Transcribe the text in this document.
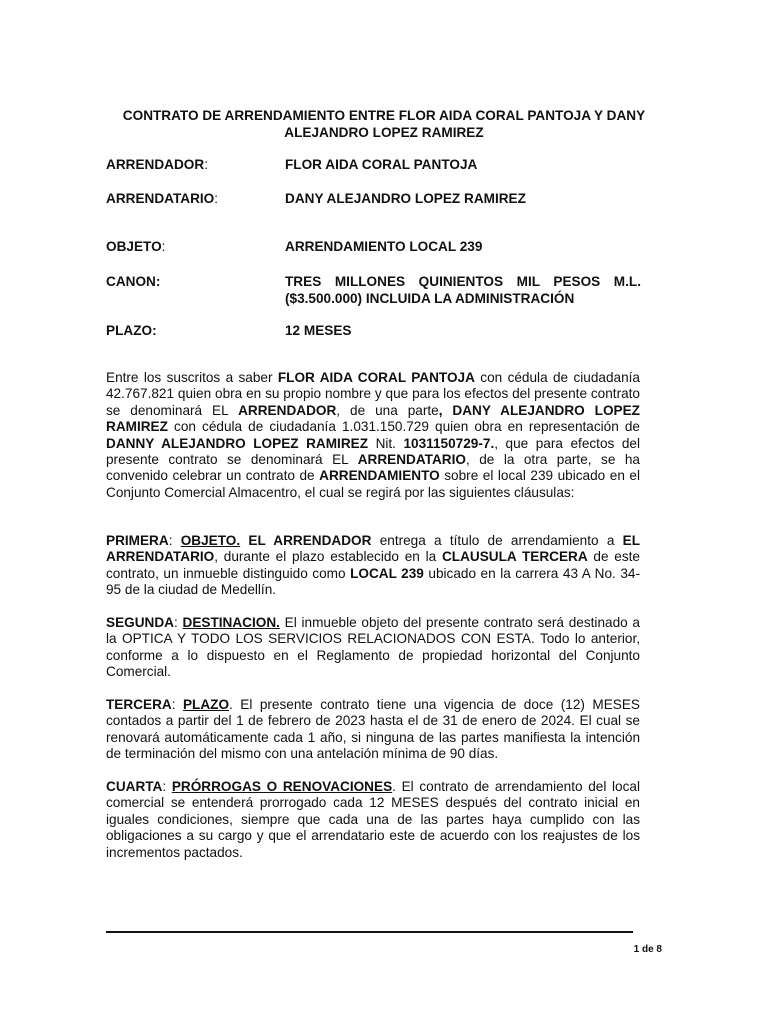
CONTRATO DE ARRENDAMIENTO ENTRE FLOR AIDA CORAL PANTOJA Y DANY ALEJANDRO LOPEZ RAMIREZ
ARRENDADOR:	FLOR AIDA CORAL PANTOJA
ARRENDATARIO:	DANY ALEJANDRO LOPEZ RAMIREZ
OBJETO:	ARRENDAMIENTO LOCAL 239
CANON:	TRES MILLONES QUINIENTOS MIL PESOS M.L. ($3.500.000) INCLUIDA LA ADMINISTRACIÓN
PLAZO:	12 MESES
Entre los suscritos a saber FLOR AIDA CORAL PANTOJA con cédula de ciudadanía 42.767.821 quien obra en su propio nombre y que para los efectos del presente contrato se denominará EL ARRENDADOR, de una parte, DANY ALEJANDRO LOPEZ RAMIREZ con cédula de ciudadanía 1.031.150.729 quien obra en representación de DANNY ALEJANDRO LOPEZ RAMIREZ Nit. 1031150729-7., que para efectos del presente contrato se denominará EL ARRENDATARIO, de la otra parte, se ha convenido celebrar un contrato de ARRENDAMIENTO sobre el local 239 ubicado en el Conjunto Comercial Almacentro, el cual se regirá por las siguientes cláusulas:
PRIMERA: OBJETO. EL ARRENDADOR entrega a título de arrendamiento a EL ARRENDATARIO, durante el plazo establecido en la CLAUSULA TERCERA de este contrato, un inmueble distinguido como LOCAL 239 ubicado en la carrera 43 A No. 34-95 de la ciudad de Medellín.
SEGUNDA: DESTINACION. El inmueble objeto del presente contrato será destinado a la OPTICA Y TODO LOS SERVICIOS RELACIONADOS CON ESTA. Todo lo anterior, conforme a lo dispuesto en el Reglamento de propiedad horizontal del Conjunto Comercial.
TERCERA: PLAZO. El presente contrato tiene una vigencia de doce (12) MESES contados a partir del 1 de febrero de 2023 hasta el de 31 de enero de 2024. El cual se renovará automáticamente cada 1 año, si ninguna de las partes manifiesta la intención de terminación del mismo con una antelación mínima de 90 días.
CUARTA: PRÓRROGAS O RENOVACIONES. El contrato de arrendamiento del local comercial se entenderá prorrogado cada 12 MESES después del contrato inicial en iguales condiciones, siempre que cada una de las partes haya cumplido con las obligaciones a su cargo y que el arrendatario este de acuerdo con los reajustes de los incrementos pactados.
1 de 8
